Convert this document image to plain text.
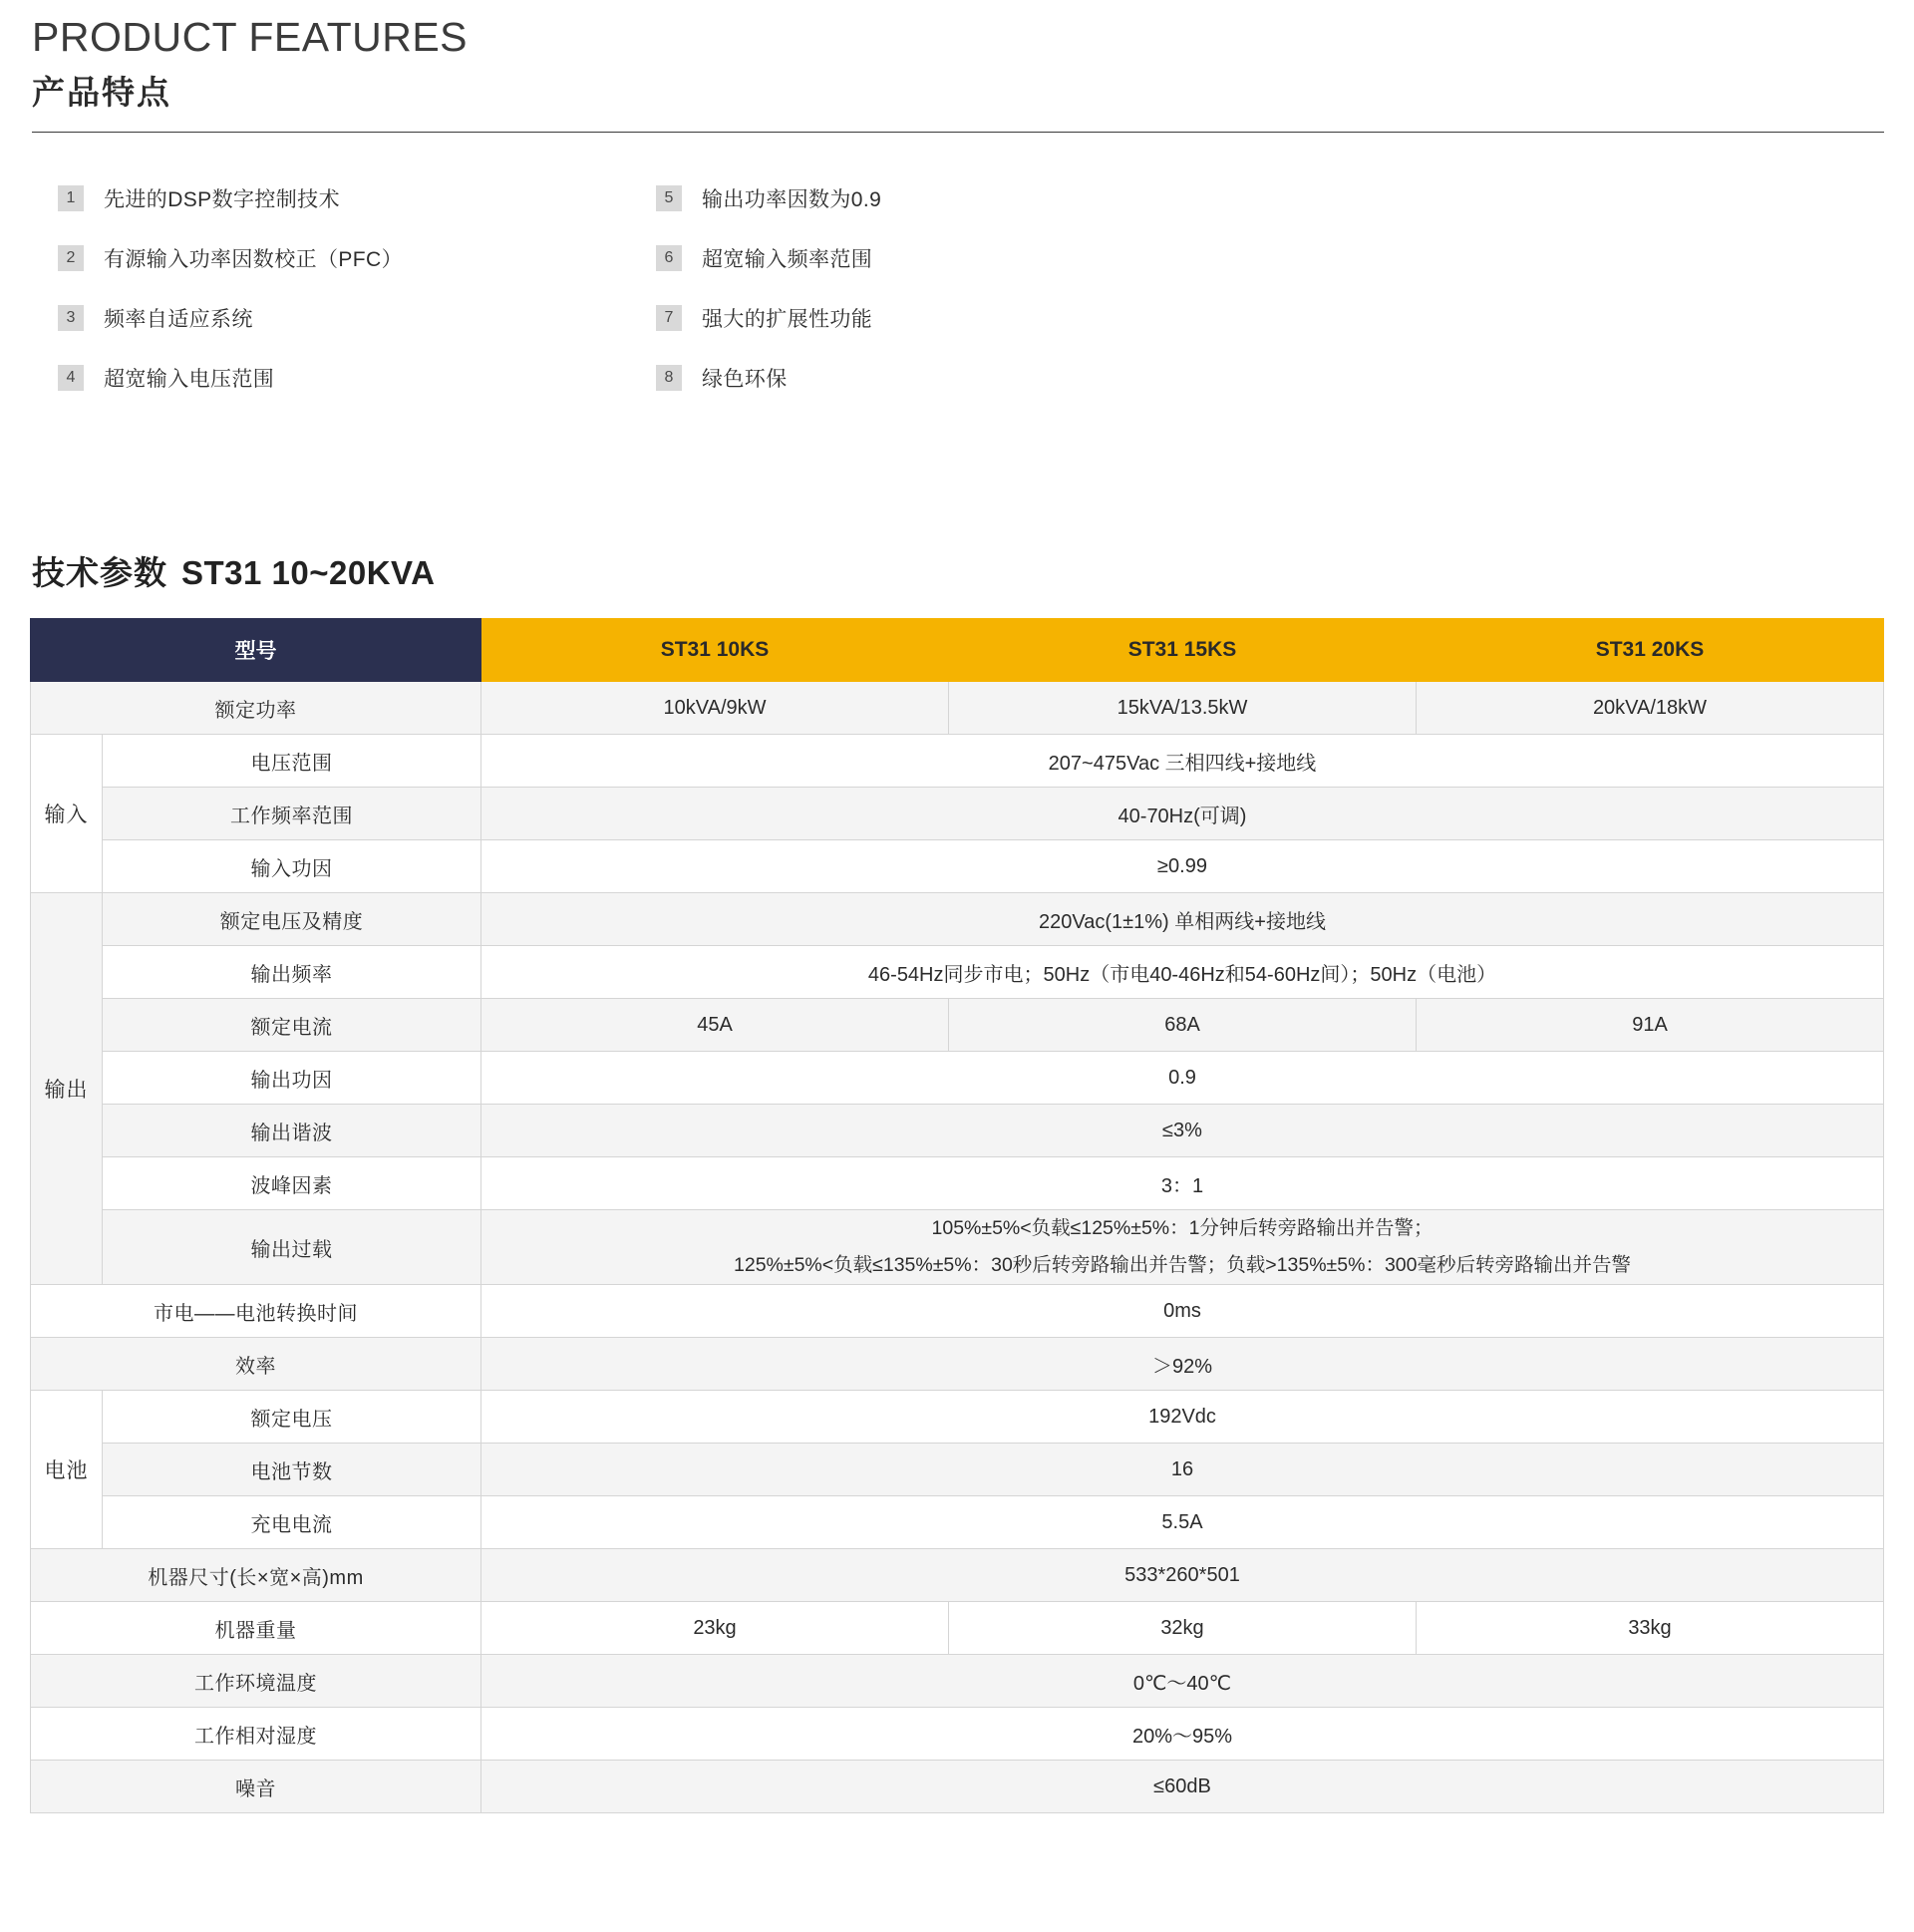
PRODUCT FEATURES
产品特点
1	先进的DSP数字控制技术
2	有源输入功率因数校正（PFC）
3	频率自适应系统
4	超宽输入电压范围
5	输出功率因数为0.9
6	超宽输入频率范围
7	强大的扩展性功能
8	绿色环保
技术参数 ST31 10~20KVA
型号		ST31 10KS	ST31 15KS	ST31 20KS
额定功率		10kVA/9kW	15kVA/13.5kW	20kVA/18kW
输入	电压范围	207~475Vac 三相四线+接地线		
	工作频率范围	40-70Hz(可调)		
	输入功因	≥0.99		
输出	额定电压及精度	220Vac(1±1%) 单相两线+接地线		
	输出频率	46-54Hz同步市电；50Hz（市电40-46Hz和54-60Hz间）；50Hz（电池）		
	额定电流	45A	68A	91A
	输出功因	0.9		
	输出谐波	≤3%		
	波峰因素	3：1		
	输出过载	105%±5%<负载≤125%±5%：1分钟后转旁路输出并告警；
125%±5%<负载≤135%±5%：30秒后转旁路输出并告警；负载>135%±5%：300毫秒后转旁路输出并告警		

市电——电池转换时间		0ms		
效率		＞92%		
电池	额定电压	192Vdc		
	电池节数	16		
	充电电流	5.5A		
机器尺寸(长×宽×高)mm		533*260*501		
机器重量		23kg	32kg	33kg
工作环境温度		0℃～40℃		
工作相对湿度		20%～95%		
噪音		≤60dB		
